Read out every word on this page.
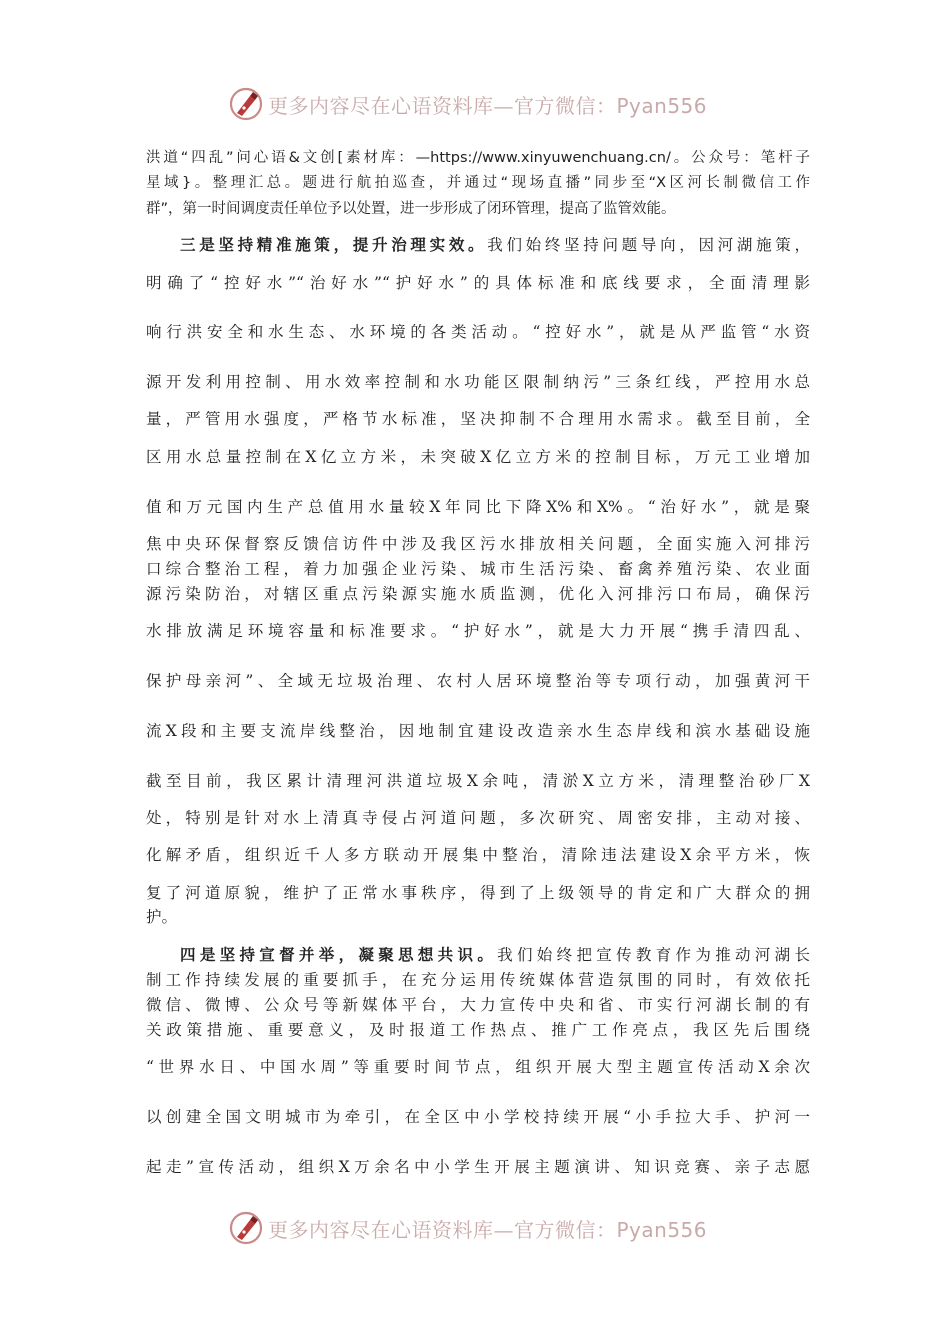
更多内容尽在心语资料库—官方微信：Pyan556
洪道“四乱”问心语&文创[素材库：—https://www.xinyuwenchuang.cn/。公众号：笔杆子
星域}。整理汇总。题进行航拍巡查，并通过“现场直播”同步至“X区河长制微信工作
群”，第一时间调度责任单位予以处置，进一步形成了闭环管理，提高了监管效能。
三是坚持精准施策，提升治理实效。我们始终坚持问题导向，因河湖施策，
明确了“控好水”“治好水”“护好水”的具体标准和底线要求，全面清理影
响行洪安全和水生态、水环境的各类活动。“控好水”，就是从严监管“水资
源开发利用控制、用水效率控制和水功能区限制纳污”三条红线，严控用水总
量，严管用水强度，严格节水标准，坚决抑制不合理用水需求。截至目前，全
区用水总量控制在X亿立方米，未突破X亿立方米的控制目标，万元工业增加
值和万元国内生产总值用水量较X年同比下降X%和X%。“治好水”，就是聚
焦中央环保督察反馈信访件中涉及我区污水排放相关问题，全面实施入河排污
口综合整治工程，着力加强企业污染、城市生活污染、畜禽养殖污染、农业面
源污染防治，对辖区重点污染源实施水质监测，优化入河排污口布局，确保污
水排放满足环境容量和标准要求。“护好水”，就是大力开展“携手清四乱、
保护母亲河”、全域无垃圾治理、农村人居环境整治等专项行动，加强黄河干
流X段和主要支流岸线整治，因地制宜建设改造亲水生态岸线和滨水基础设施
截至目前，我区累计清理河洪道垃圾X余吨，清淤X立方米，清理整治砂厂X
处，特别是针对水上清真寺侵占河道问题，多次研究、周密安排，主动对接、
化解矛盾，组织近千人多方联动开展集中整治，清除违法建设X余平方米，恢
复了河道原貌，维护了正常水事秩序，得到了上级领导的肯定和广大群众的拥
护。
四是坚持宣督并举，凝聚思想共识。我们始终把宣传教育作为推动河湖长
制工作持续发展的重要抓手，在充分运用传统媒体营造氛围的同时，有效依托
微信、微博、公众号等新媒体平台，大力宣传中央和省、市实行河湖长制的有
关政策措施、重要意义，及时报道工作热点、推广工作亮点，我区先后围绕
“世界水日、中国水周”等重要时间节点，组织开展大型主题宣传活动X余次
以创建全国文明城市为牵引，在全区中小学校持续开展“小手拉大手、护河一
起走”宣传活动，组织X万余名中小学生开展主题演讲、知识竞赛、亲子志愿
更多内容尽在心语资料库—官方微信：Pyan556
